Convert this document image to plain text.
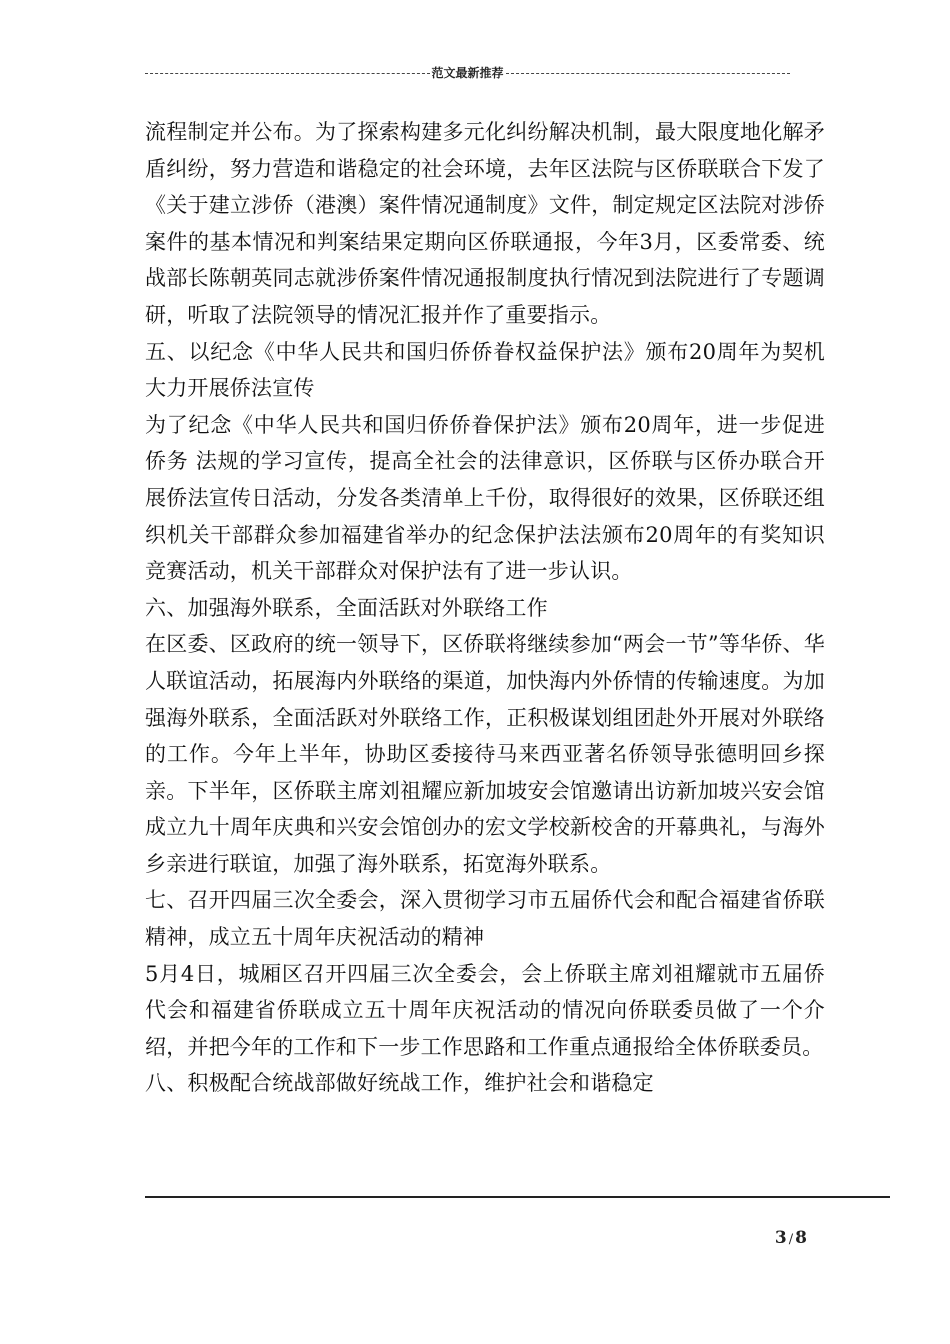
范文最新推荐

流程制定并公布。为了探索构建多元化纠纷解决机制，最大限度地化解矛盾纠纷，努力营造和谐稳定的社会环境，去年区法院与区侨联联合下发了《关于建立涉侨（港澳）案件情况通制度》文件，制定规定区法院对涉侨案件的基本情况和判案结果定期向区侨联通报，今年3月，区委常委、统战部长陈朝英同志就涉侨案件情况通报制度执行情况到法院进行了专题调研，听取了法院领导的情况汇报并作了重要指示。

五、以纪念《中华人民共和国归侨侨眷权益保护法》颁布20周年为契机大力开展侨法宣传

为了纪念《中华人民共和国归侨侨眷保护法》颁布20周年，进一步促进侨务 法规的学习宣传，提高全社会的法律意识，区侨联与区侨办联合开展侨法宣传日活动，分发各类清单上千份，取得很好的效果，区侨联还组织机关干部群众参加福建省举办的纪念保护法法颁布20周年的有奖知识竞赛活动，机关干部群众对保护法有了进一步认识。

六、加强海外联系，全面活跃对外联络工作

在区委、区政府的统一领导下，区侨联将继续参加“两会一节”等华侨、华人联谊活动，拓展海内外联络的渠道，加快海内外侨情的传输速度。为加强海外联系，全面活跃对外联络工作，正积极谋划组团赴外开展对外联络的工作。今年上半年，协助区委接待马来西亚著名侨领导张德明回乡探亲。下半年，区侨联主席刘祖耀应新加坡安会馆邀请出访新加坡兴安会馆成立九十周年庆典和兴安会馆创办的宏文学校新校舍的开幕典礼，与海外乡亲进行联谊，加强了海外联系，拓宽海外联系。

七、召开四届三次全委会，深入贯彻学习市五届侨代会和配合福建省侨联精神，成立五十周年庆祝活动的精神

5月4日，城厢区召开四届三次全委会，会上侨联主席刘祖耀就市五届侨代会和福建省侨联成立五十周年庆祝活动的情况向侨联委员做了一个介绍，并把今年的工作和下一步工作思路和工作重点通报给全体侨联委员。

八、积极配合统战部做好统战工作，维护社会和谐稳定

3 / 8
